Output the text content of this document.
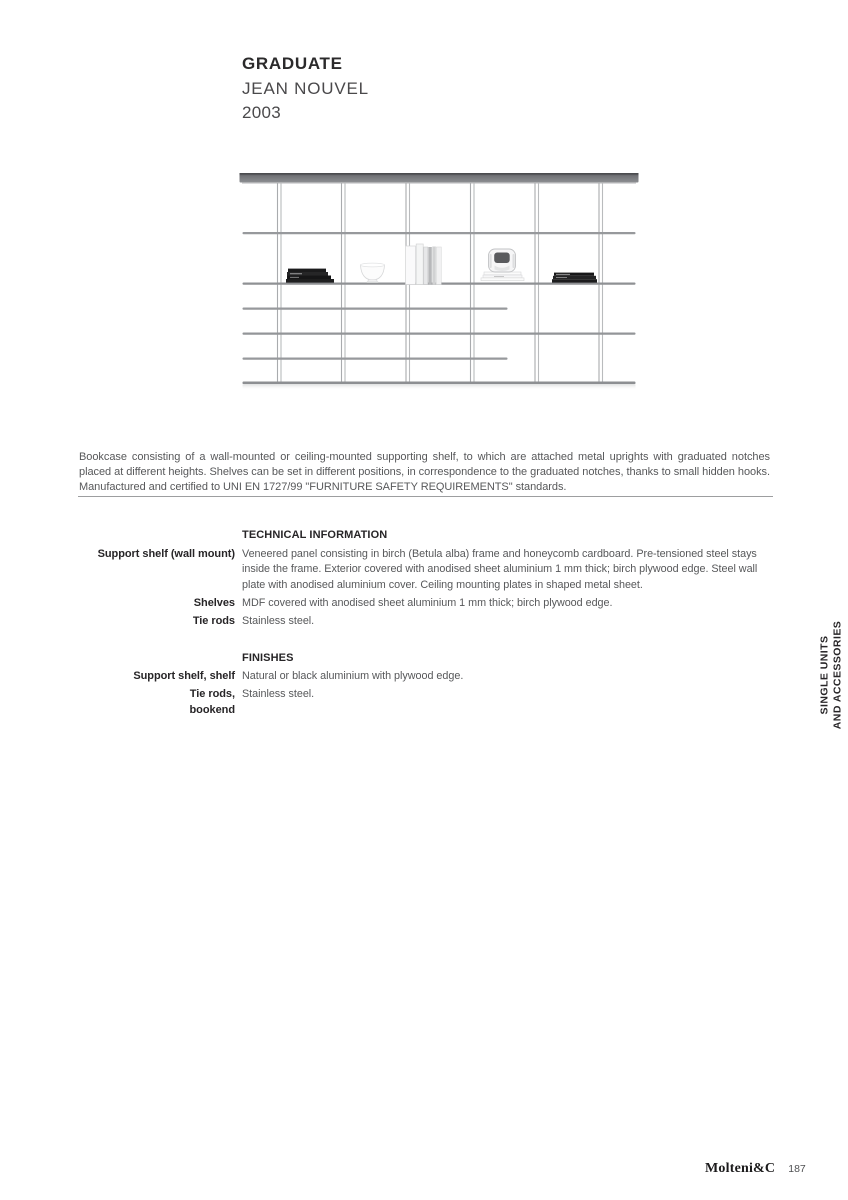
GRADUATE
JEAN NOUVEL
2003

Bookcase consisting of a wall-mounted or ceiling-mounted supporting shelf, to which are attached metal uprights with graduated notches placed at different heights. Shelves can be set in different positions, in correspondence to the graduated notches, thanks to small hidden hooks. Manufactured and certified to UNI EN 1727/99 "FURNITURE SAFETY REQUIREMENTS" standards.

TECHNICAL INFORMATION
Support shelf (wall mount) Veneered panel consisting in birch (Betula alba) frame and honeycomb cardboard. Pre-tensioned steel stays inside the frame. Exterior covered with anodised sheet aluminium 1 mm thick; birch plywood edge. Steel wall plate with anodised aluminium cover. Ceiling mounting plates in shaped metal sheet.
Shelves MDF covered with anodised sheet aluminium 1 mm thick; birch plywood edge.
Tie rods Stainless steel.
FINISHES
Support shelf, shelf Natural or black aluminium with plywood edge.
Tie rods,
bookend
Stainless steel.	SINGLE UNITS AND ACCESSORIES
Molteni&C 187
